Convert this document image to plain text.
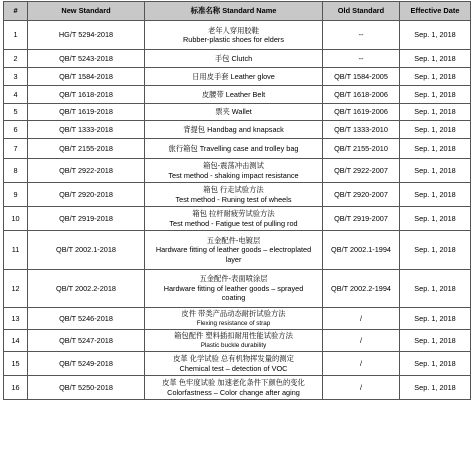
#	New Standard	标准名称 Standard Name	Old Standard	Effective Date
1	HG/T 5294-2018	老年人穿用胶鞋
Rubber-plastic shoes for elders	--	Sep. 1, 2018
2	QB/T 5243-2018	手包 Clutch	--	Sep. 1, 2018
3	QB/T 1584-2018	日用皮手套 Leather glove	QB/T 1584-2005	Sep. 1, 2018
4	QB/T 1618-2018	皮腰带 Leather Belt	QB/T 1618-2006	Sep. 1, 2018
5	QB/T 1619-2018	票夹 Wallet	QB/T 1619-2006	Sep. 1, 2018
6	QB/T 1333-2018	背提包 Handbag and knapsack	QB/T 1333-2010	Sep. 1, 2018
7	QB/T 2155-2018	旅行箱包 Travelling case and trolley bag	QB/T 2155-2010	Sep. 1, 2018
8	QB/T 2922-2018	箱包-震荡冲击测试
Test method - shaking impact resistance	QB/T 2922-2007	Sep. 1, 2018
9	QB/T 2920-2018	箱包 行走试验方法
Test method - Runing test of wheels	QB/T 2920-2007	Sep. 1, 2018
10	QB/T 2919-2018	箱包 拉杆耐疲劳试验方法
Test method - Fatigue test of pulling rod	QB/T 2919-2007	Sep. 1, 2018
11	QB/T 2002.1-2018	五金配件-电镀层
Hardware fitting of leather goods – electroplated
layer	QB/T 2002.1-1994	Sep. 1, 2018
12	QB/T 2002.2-2018	五金配件-表面喷涂层
Hardware fitting of leather goods – sprayed
coating	QB/T 2002.2-1994	Sep. 1, 2018
13	QB/T 5246-2018	皮件 带类产品动态耐折试验方法
Flexing resistance of strap	/	Sep. 1, 2018
14	QB/T 5247-2018	箱包配件 塑料插扣耐用性能试验方法
Plastic buckle durability	/	Sep. 1, 2018
15	QB/T 5249-2018	皮革 化学试验 总有机物挥发量的测定
Chemical test – detection of VOC	/	Sep. 1, 2018
16	QB/T 5250-2018	皮革 色牢度试验 加速老化条件下颜色的变化
Colorfastness – Color change after aging	/	Sep. 1, 2018
